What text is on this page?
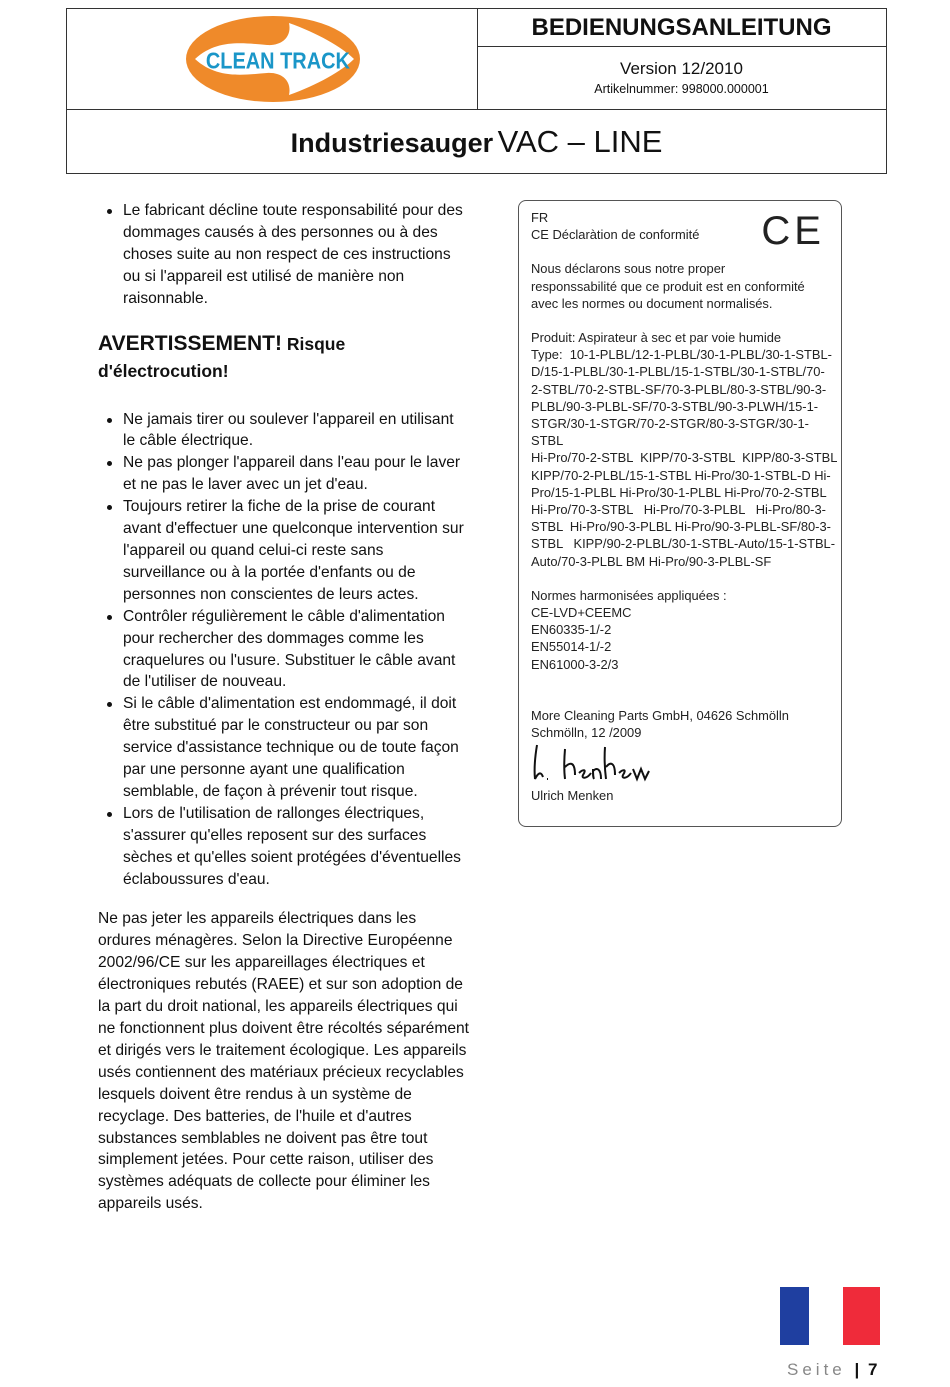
CLEAN TRACK
BEDIENUNGSANLEITUNG
Version 12/2010
Artikelnummer: 998000.000001
Industriesauger VAC – LINE
Le fabricant décline toute responsabilité pour des dommages causés à des personnes ou à des choses suite au non respect de ces instructions ou si l'appareil est utilisé de manière non raisonnable.
AVERTISSEMENT! Risque d'électrocution!
Ne jamais tirer ou soulever l'appareil en utilisant le câble électrique.
Ne pas plonger l'appareil dans l'eau pour le laver et ne pas le laver avec un jet d'eau.
Toujours retirer la fiche de la prise de courant avant d'effectuer une quelconque intervention sur l'appareil ou quand celui-ci reste sans surveillance ou à la portée d'enfants ou de personnes non conscientes de leurs actes.
Contrôler régulièrement le câble d'alimentation pour rechercher des dommages comme les craquelures ou l'usure. Substituer le câble avant de l'utiliser de nouveau.
Si le câble d'alimentation est endommagé, il doit être substitué par le constructeur ou par son service d'assistance technique ou de toute façon par une personne ayant une qualification semblable, de façon à prévenir tout risque.
Lors de l'utilisation de rallonges électriques, s'assurer qu'elles reposent sur des surfaces sèches et qu'elles soient protégées d'éventuelles éclaboussures d'eau.
Ne pas jeter les appareils électriques dans les ordures ménagères. Selon la Directive Européenne 2002/96/CE sur les appareillages électriques et électroniques rebutés (RAEE) et sur son adoption de la part du droit national, les appareils électriques qui ne fonctionnent plus doivent être récoltés séparément et dirigés vers le traitement écologique. Les appareils usés contiennent des matériaux précieux recyclables lesquels doivent être rendus à un système de recyclage. Des batteries, de l'huile et d'autres substances semblables ne doivent pas être tout simplement jetées. Pour cette raison, utiliser des systèmes adéquats de collecte pour éliminer les appareils usés.
CE
FR
CE Déclaràtion de conformité
Nous déclarons sous notre proper
responssabilité que ce produit est en conformité
avec les normes ou document normalisés.
Produit: Aspirateur à sec et par voie humide
Type:  10-1-PLBL/12-1-PLBL/30-1-PLBL/30-1-STBL-
D/15-1-PLBL/30-1-PLBL/15-1-STBL/30-1-STBL/70-
2-STBL/70-2-STBL-SF/70-3-PLBL/80-3-STBL/90-3-
PLBL/90-3-PLBL-SF/70-3-STBL/90-3-PLWH/15-1-
STGR/30-1-STGR/70-2-STGR/80-3-STGR/30-1-STBL
Hi-Pro/70-2-STBL  KIPP/70-3-STBL  KIPP/80-3-STBL
KIPP/70-2-PLBL/15-1-STBL Hi-Pro/30-1-STBL-D Hi-
Pro/15-1-PLBL Hi-Pro/30-1-PLBL Hi-Pro/70-2-STBL
Hi-Pro/70-3-STBL   Hi-Pro/70-3-PLBL   Hi-Pro/80-3-
STBL  Hi-Pro/90-3-PLBL Hi-Pro/90-3-PLBL-SF/80-3-
STBL   KIPP/90-2-PLBL/30-1-STBL-Auto/15-1-STBL-
Auto/70-3-PLBL BM Hi-Pro/90-3-PLBL-SF
Normes harmonisées appliquées :
CE-LVD+CEEMC
EN60335-1/-2
EN55014-1/-2
EN61000-3-2/3
More Cleaning Parts GmbH, 04626 Schmölln
Schmölln, 12 /2009
Ulrich Menken
Seite | 7
